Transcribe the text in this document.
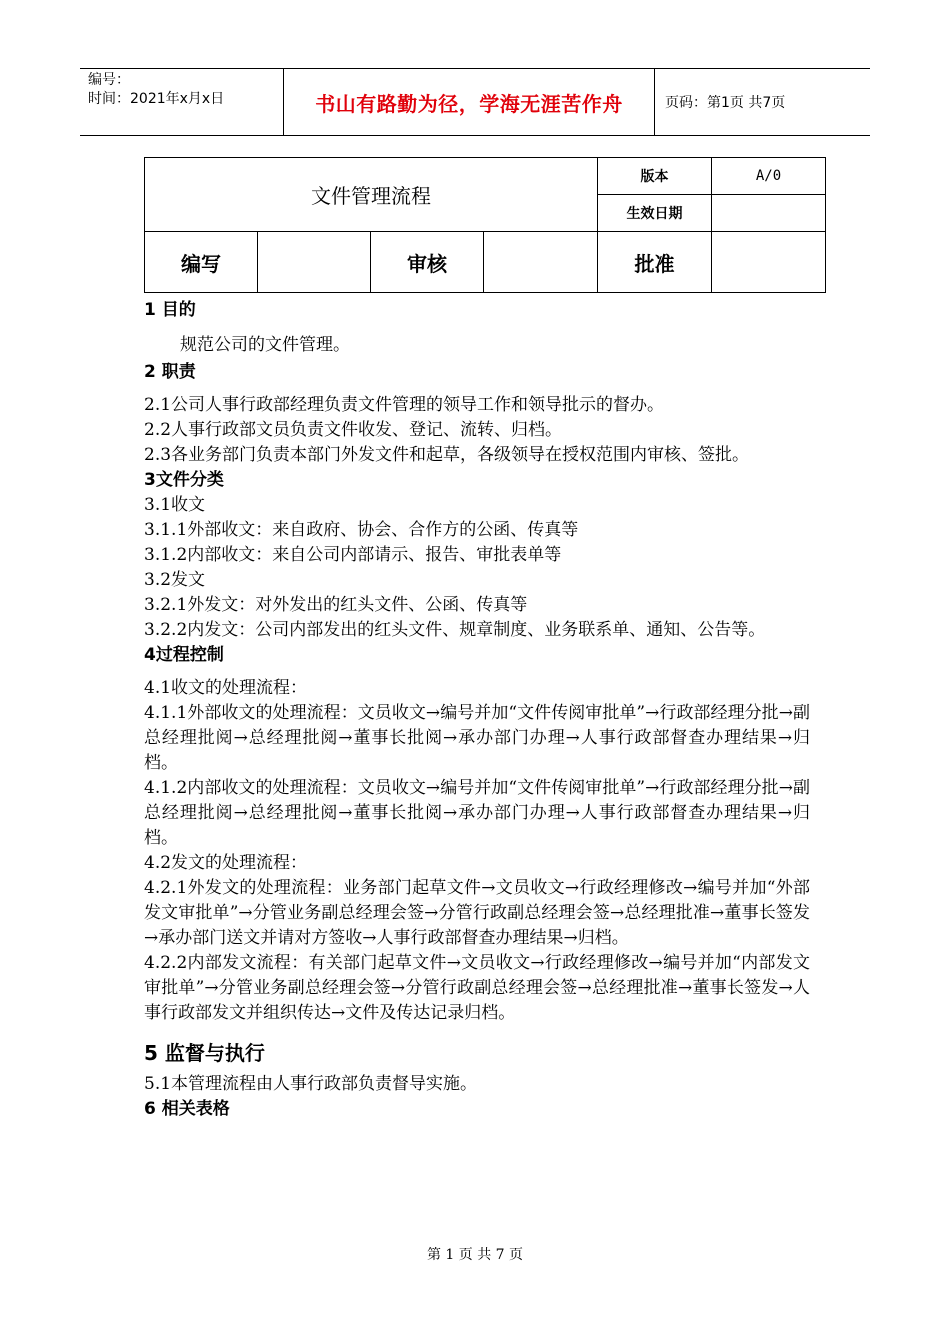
编号：
时间：2021年x月x日	书山有路勤为径，学海无涯苦作舟	页码：第1页 共7页
文件管理流程				版本	A/0
				生效日期	
编写		审核		批准	

1 目的

规范公司的文件管理。

2 职责

2.1公司人事行政部经理负责文件管理的领导工作和领导批示的督办。

2.2人事行政部文员负责文件收发、登记、流转、归档。

2.3各业务部门负责本部门外发文件和起草，各级领导在授权范围内审核、签批。

3文件分类

3.1收文

3.1.1外部收文：来自政府、协会、合作方的公函、传真等

3.1.2内部收文：来自公司内部请示、报告、审批表单等

3.2发文

3.2.1外发文：对外发出的红头文件、公函、传真等

3.2.2内发文：公司内部发出的红头文件、规章制度、业务联系单、通知、公告等。

4过程控制

4.1收文的处理流程：

4.1.1外部收文的处理流程：文员收文→编号并加“文件传阅审批单”→行政部经理分批→副总经理批阅→总经理批阅→董事长批阅→承办部门办理→人事行政部督查办理结果→归档。

4.1.2内部收文的处理流程：文员收文→编号并加“文件传阅审批单”→行政部经理分批→副总经理批阅→总经理批阅→董事长批阅→承办部门办理→人事行政部督查办理结果→归档。

4.2发文的处理流程：

4.2.1外发文的处理流程：业务部门起草文件→文员收文→行政经理修改→编号并加“外部发文审批单”→分管业务副总经理会签→分管行政副总经理会签→总经理批准→董事长签发→承办部门送文并请对方签收→人事行政部督查办理结果→归档。

4.2.2内部发文流程：有关部门起草文件→文员收文→行政经理修改→编号并加“内部发文审批单”→分管业务副总经理会签→分管行政副总经理会签→总经理批准→董事长签发→人事行政部发文并组织传达→文件及传达记录归档。

5 监督与执行

5.1本管理流程由人事行政部负责督导实施。

6 相关表格

第 1 页 共 7 页
